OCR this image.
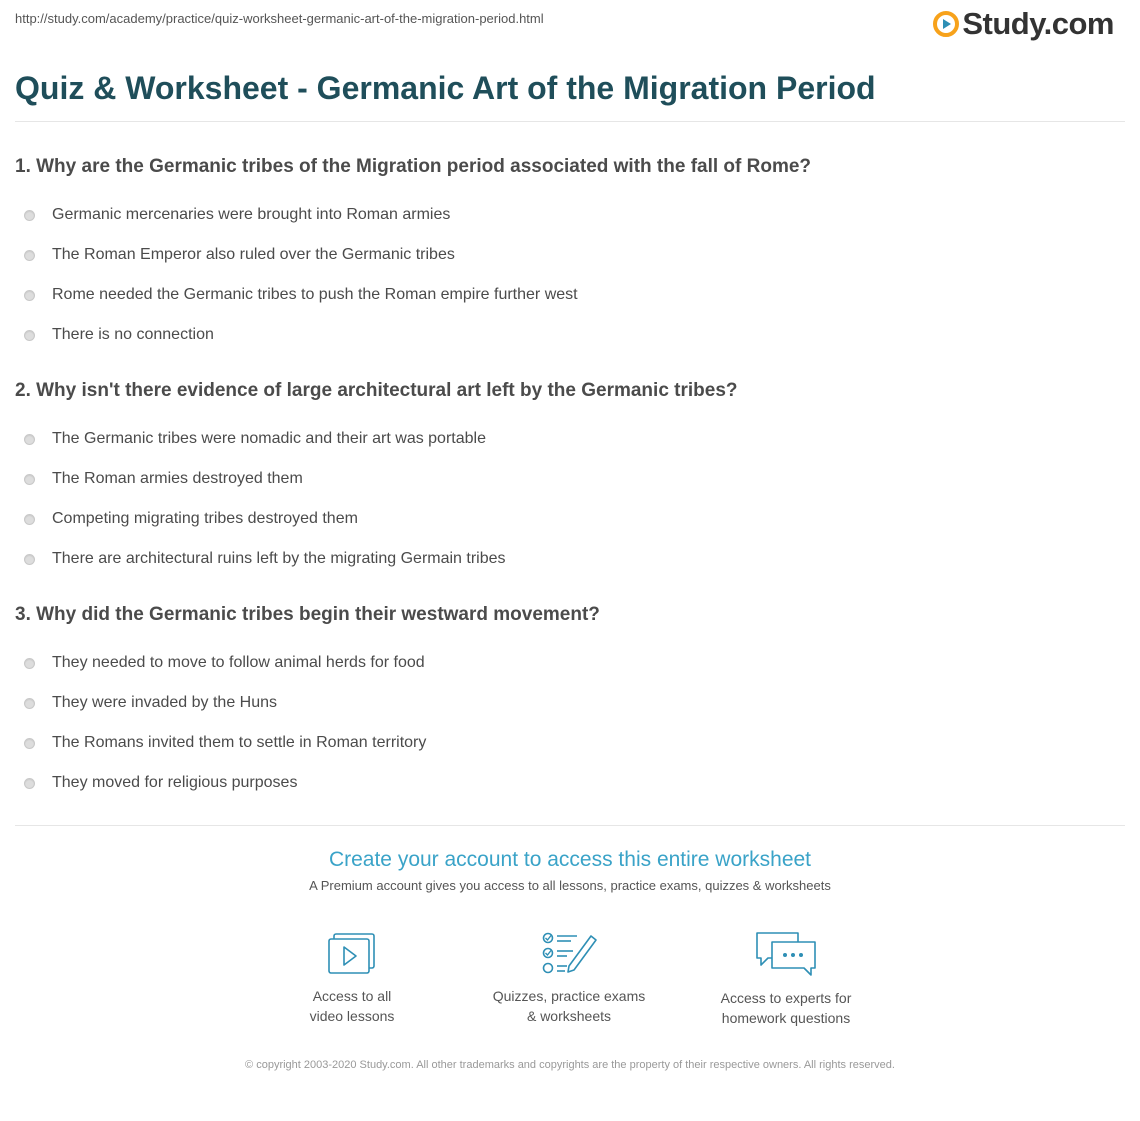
http://study.com/academy/practice/quiz-worksheet-germanic-art-of-the-migration-period.html	Study.com
Quiz & Worksheet - Germanic Art of the Migration Period

1. Why are the Germanic tribes of the Migration period associated with the fall of Rome?

Germanic mercenaries were brought into Roman armies
The Roman Emperor also ruled over the Germanic tribes
Rome needed the Germanic tribes to push the Roman empire further west
There is no connection

2. Why isn't there evidence of large architectural art left by the Germanic tribes?

The Germanic tribes were nomadic and their art was portable
The Roman armies destroyed them
Competing migrating tribes destroyed them
There are architectural ruins left by the migrating Germain tribes

3. Why did the Germanic tribes begin their westward movement?

They needed to move to follow animal herds for food
They were invaded by the Huns
The Romans invited them to settle in Roman territory
They moved for religious purposes
Create your account to access this entire worksheet
A Premium account gives you access to all lessons, practice exams, quizzes & worksheets
Access to all
video lessons
Quizzes, practice exams
& worksheets
Access to experts for
homework questions
© copyright 2003-2020 Study.com. All other trademarks and copyrights are the property of their respective owners. All rights reserved.
